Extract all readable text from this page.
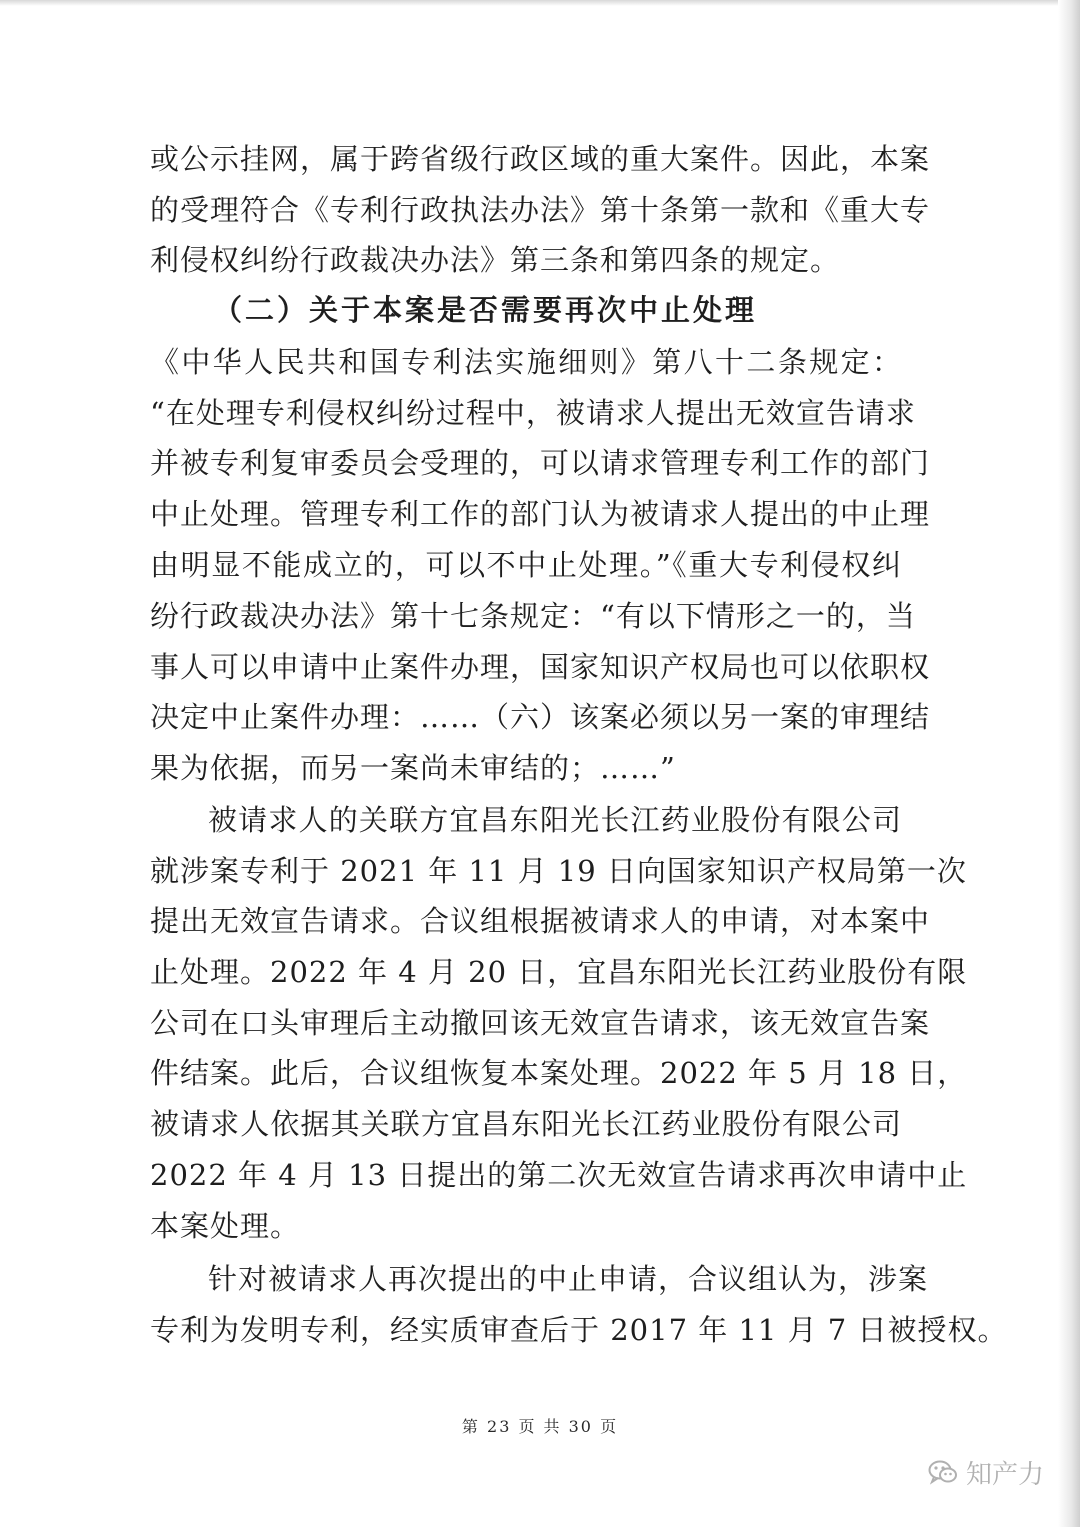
或公示挂网，属于跨省级行政区域的重大案件。因此，本案
的受理符合《专利行政执法办法》第十条第一款和《重大专
利侵权纠纷行政裁决办法》第三条和第四条的规定。
（二）关于本案是否需要再次中止处理
《中华人民共和国专利法实施细则》第八十二条规定：
“在处理专利侵权纠纷过程中，被请求人提出无效宣告请求
并被专利复审委员会受理的，可以请求管理专利工作的部门
中止处理。管理专利工作的部门认为被请求人提出的中止理
由明显不能成立的，可以不中止处理。”《重大专利侵权纠
纷行政裁决办法》第十七条规定：“有以下情形之一的，当
事人可以申请中止案件办理，国家知识产权局也可以依职权
决定中止案件办理：……（六）该案必须以另一案的审理结
果为依据，而另一案尚未审结的；……”
被请求人的关联方宜昌东阳光长江药业股份有限公司
就涉案专利于 2021 年 11 月 19 日向国家知识产权局第一次
提出无效宣告请求。合议组根据被请求人的申请，对本案中
止处理。2022 年 4 月 20 日，宜昌东阳光长江药业股份有限
公司在口头审理后主动撤回该无效宣告请求，该无效宣告案
件结案。此后，合议组恢复本案处理。2022 年 5 月 18 日，
被请求人依据其关联方宜昌东阳光长江药业股份有限公司
2022 年 4 月 13 日提出的第二次无效宣告请求再次申请中止
本案处理。
针对被请求人再次提出的中止申请，合议组认为，涉案
专利为发明专利，经实质审查后于 2017 年 11 月 7 日被授权。
第 23 页 共 30 页
知产力
